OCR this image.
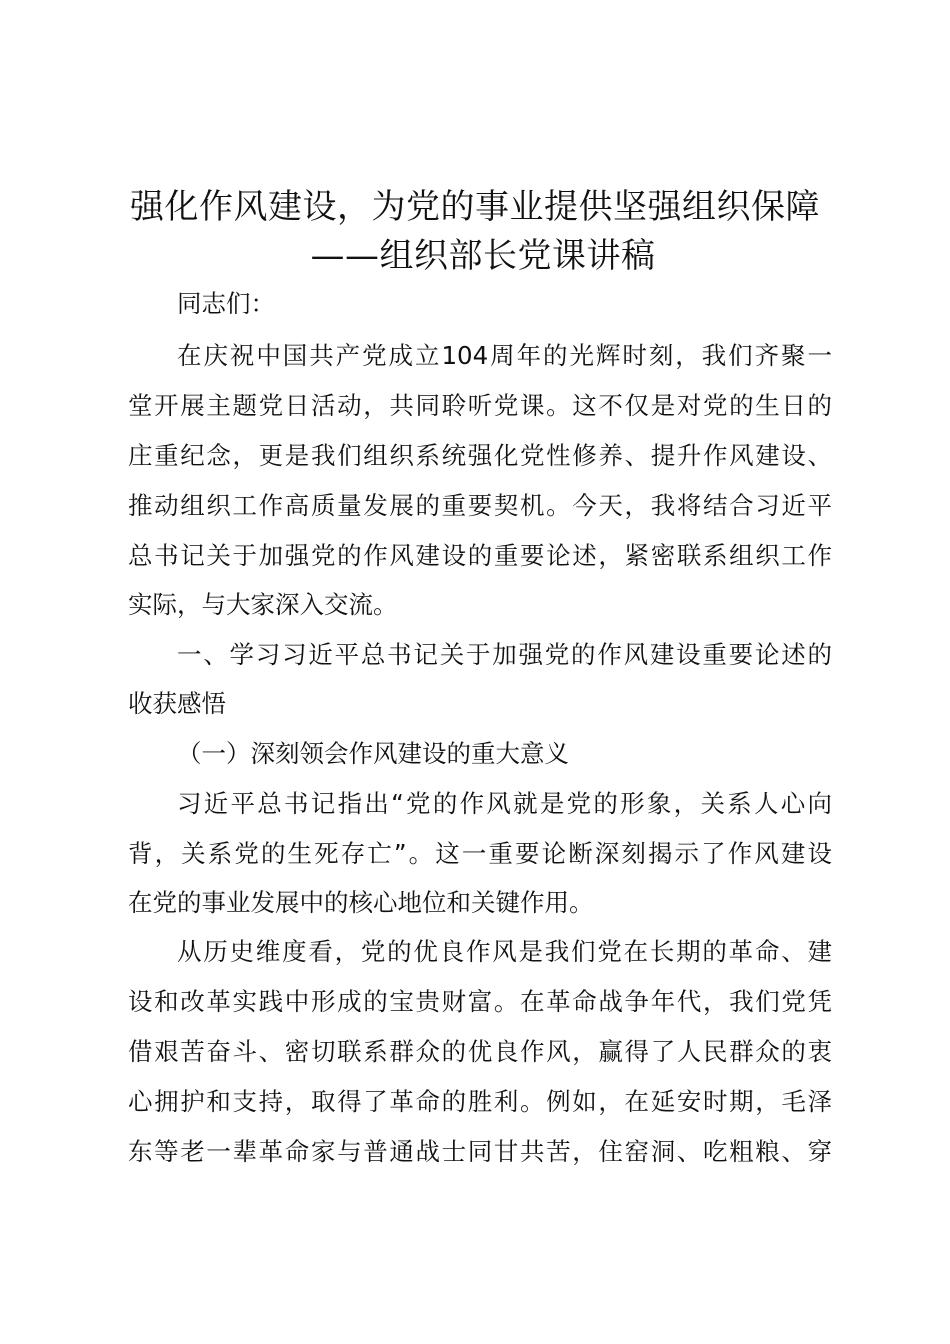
强化作风建设，为党的事业提供坚强组织保障
——组织部长党课讲稿
同志们：
在庆祝中国共产党成立104周年的光辉时刻，我们齐聚一
堂开展主题党日活动，共同聆听党课。这不仅是对党的生日的
庄重纪念，更是我们组织系统强化党性修养、提升作风建设、
推动组织工作高质量发展的重要契机。今天，我将结合习近平
总书记关于加强党的作风建设的重要论述，紧密联系组织工作
实际，与大家深入交流。
一、学习习近平总书记关于加强党的作风建设重要论述的
收获感悟
（一）深刻领会作风建设的重大意义
习近平总书记指出“党的作风就是党的形象，关系人心向
背，关系党的生死存亡”。这一重要论断深刻揭示了作风建设
在党的事业发展中的核心地位和关键作用。
从历史维度看，党的优良作风是我们党在长期的革命、建
设和改革实践中形成的宝贵财富。在革命战争年代，我们党凭
借艰苦奋斗、密切联系群众的优良作风，赢得了人民群众的衷
心拥护和支持，取得了革命的胜利。例如，在延安时期，毛泽
东等老一辈革命家与普通战士同甘共苦，住窑洞、吃粗粮、穿
